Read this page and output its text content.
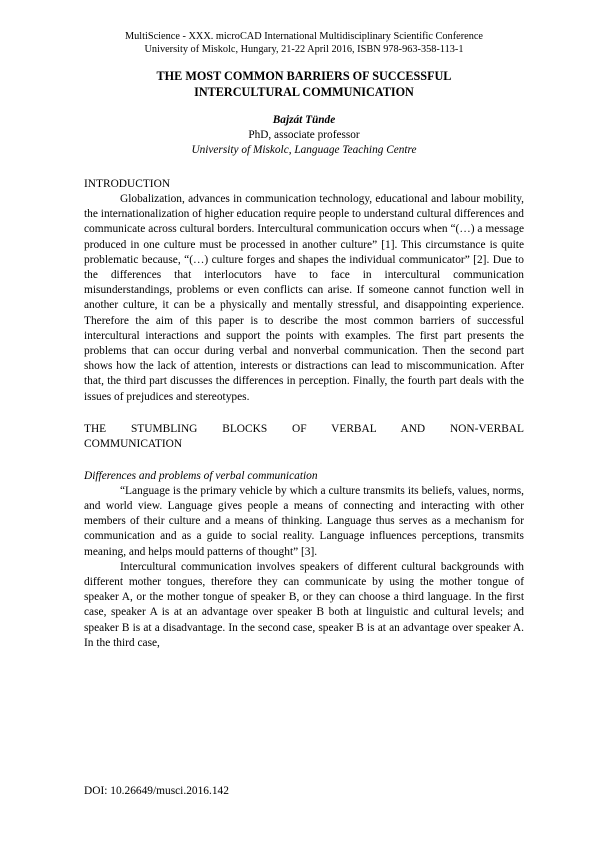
MultiScience - XXX. microCAD International Multidisciplinary Scientific Conference
University of Miskolc, Hungary, 21-22 April 2016, ISBN 978-963-358-113-1
THE MOST COMMON BARRIERS OF SUCCESSFUL
INTERCULTURAL COMMUNICATION
Bajzát Tünde
PhD, associate professor
University of Miskolc, Language Teaching Centre
INTRODUCTION

Globalization, advances in communication technology, educational and labour mobility, the internationalization of higher education require people to understand cultural differences and communicate across cultural borders. Intercultural communication occurs when “(…) a message produced in one culture must be processed in another culture” [1]. This circumstance is quite problematic because, “(…) culture forges and shapes the individual communicator” [2]. Due to the differences that interlocutors have to face in intercultural communication misunderstandings, problems or even conflicts can arise. If someone cannot function well in another culture, it can be a physically and mentally stressful, and disappointing experience. Therefore the aim of this paper is to describe the most common barriers of successful intercultural interactions and support the points with examples. The first part presents the problems that can occur during verbal and nonverbal communication. Then the second part shows how the lack of attention, interests or distractions can lead to miscommunication. After that, the third part discusses the differences in perception. Finally, the fourth part deals with the issues of prejudices and stereotypes.

THE STUMBLING BLOCKS OF VERBAL AND NON-VERBAL
COMMUNICATION
Differences and problems of verbal communication

“Language is the primary vehicle by which a culture transmits its beliefs, values, norms, and world view. Language gives people a means of connecting and interacting with other members of their culture and a means of thinking. Language thus serves as a mechanism for communication and as a guide to social reality. Language influences perceptions, transmits meaning, and helps mould patterns of thought” [3].

Intercultural communication involves speakers of different cultural backgrounds with different mother tongues, therefore they can communicate by using the mother tongue of speaker A, or the mother tongue of speaker B, or they can choose a third language. In the first case, speaker A is at an advantage over speaker B both at linguistic and cultural levels; and speaker B is at a disadvantage. In the second case, speaker B is at an advantage over speaker A. In the third case,

DOI: 10.26649/musci.2016.142
